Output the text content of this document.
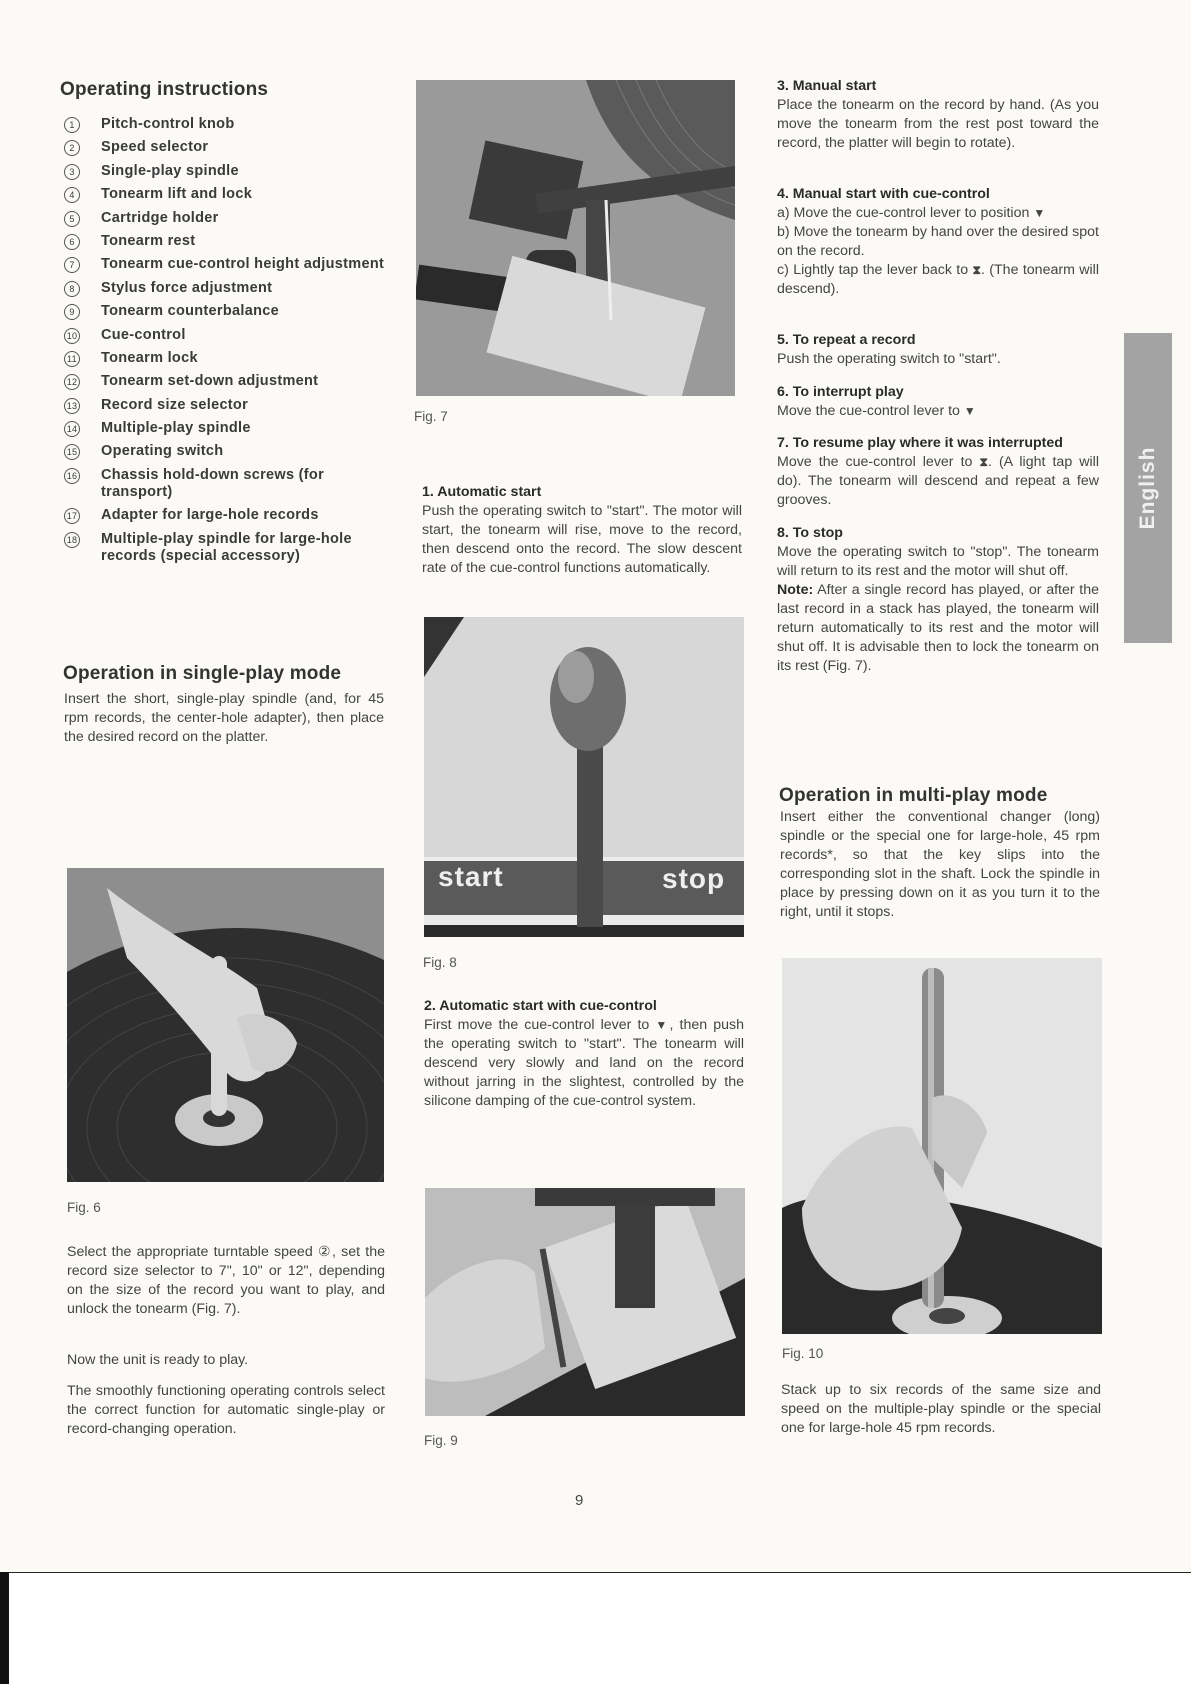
Operating instructions
1	Pitch-control knob
2	Speed selector
3	Single-play spindle
4	Tonearm lift and lock
5	Cartridge holder
6	Tonearm rest
7	Tonearm cue-control height adjustment
8	Stylus force adjustment
9	Tonearm counterbalance
10 Cue-control
11 Tonearm lock
12 Tonearm set-down adjustment
13 Record size selector
14 Multiple-play spindle
15 Operating switch
16 Chassis hold-down screws (for transport)
17 Adapter for large-hole records
18 Multiple-play spindle for large-hole records (special accessory)
Operation in single-play mode
Insert the short, single-play spindle (and, for 45 rpm records, the center-hole adapter), then place the desired record on the platter.
Fig. 6
Select the appropriate turntable speed ②, set the record size selector to 7", 10" or 12", depending on the size of the record you want to play, and unlock the tonearm (Fig. 7).
Now the unit is ready to play.
The smoothly functioning operating controls select the correct function for automatic single-play or record-changing operation.
Fig. 7
1. Automatic start
Push the operating switch to "start". The motor will start, the tonearm will rise, move to the record, then descend onto the record. The slow descent rate of the cue-control functions automatically.
start	stop
Fig. 8
2. Automatic start with cue-control
First move the cue-control lever to ▼, then push the operating switch to "start". The tonearm will descend very slowly and land on the record without jarring in the slightest, controlled by the silicone damping of the cue-control system.
Fig. 9
9
3. Manual start
Place the tonearm on the record by hand. (As you move the tonearm from the rest post toward the record, the platter will begin to rotate).
4. Manual start with cue-control
a) Move the cue-control lever to position ▼
b) Move the tonearm by hand over the desired spot on the record.
c) Lightly tap the lever back to ⧗. (The tonearm will descend).
5. To repeat a record
Push the operating switch to "start".
6. To interrupt play
Move the cue-control lever to ▼
7. To resume play where it was interrupted
Move the cue-control lever to ⧗. (A light tap will do). The tonearm will descend and repeat a few grooves.
8. To stop
Move the operating switch to "stop". The tonearm will return to its rest and the motor will shut off.
Note: After a single record has played, or after the last record in a stack has played, the tonearm will return automatically to its rest and the motor will shut off. It is advisable then to lock the tonearm on its rest (Fig. 7).
Operation in multi-play mode
Insert either the conventional changer (long) spindle or the special one for large-hole, 45 rpm records*, so that the key slips into the corresponding slot in the shaft. Lock the spindle in place by pressing down on it as you turn it to the right, until it stops.
Fig. 10
Stack up to six records of the same size and speed on the multiple-play spindle or the special one for large-hole 45 rpm records.
English
